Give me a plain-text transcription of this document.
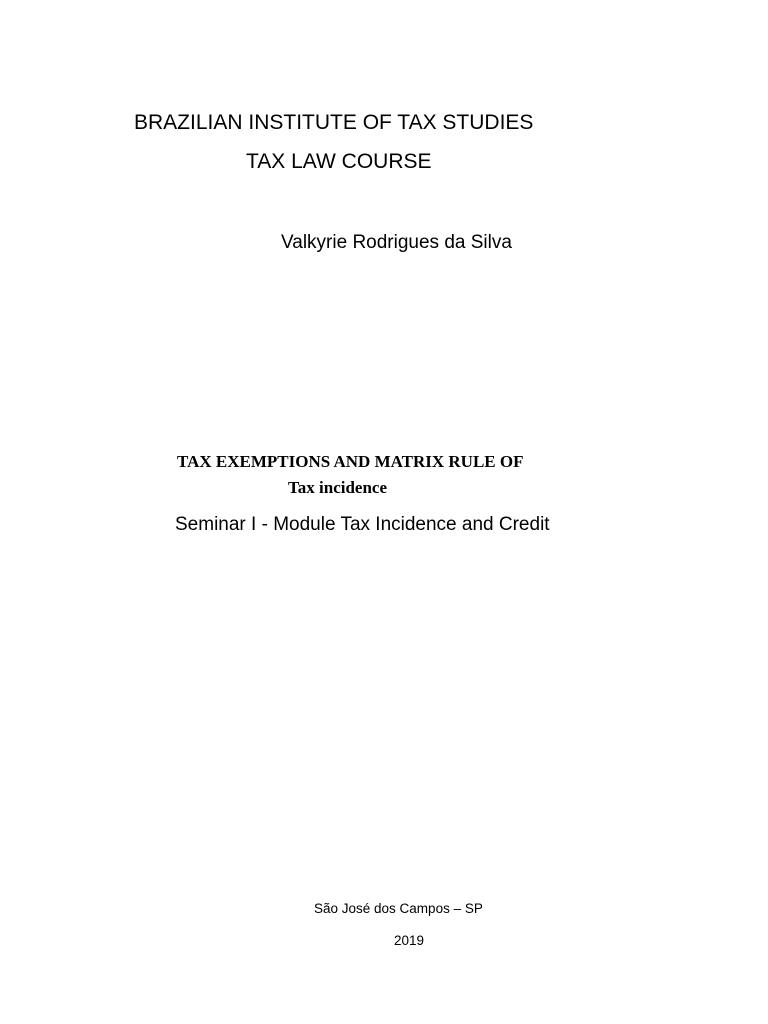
BRAZILIAN INSTITUTE OF TAX STUDIES
TAX LAW COURSE
Valkyrie Rodrigues da Silva
TAX EXEMPTIONS AND MATRIX RULE OF
Tax incidence
Seminar I - Module Tax Incidence and Credit
São José dos Campos – SP
2019
